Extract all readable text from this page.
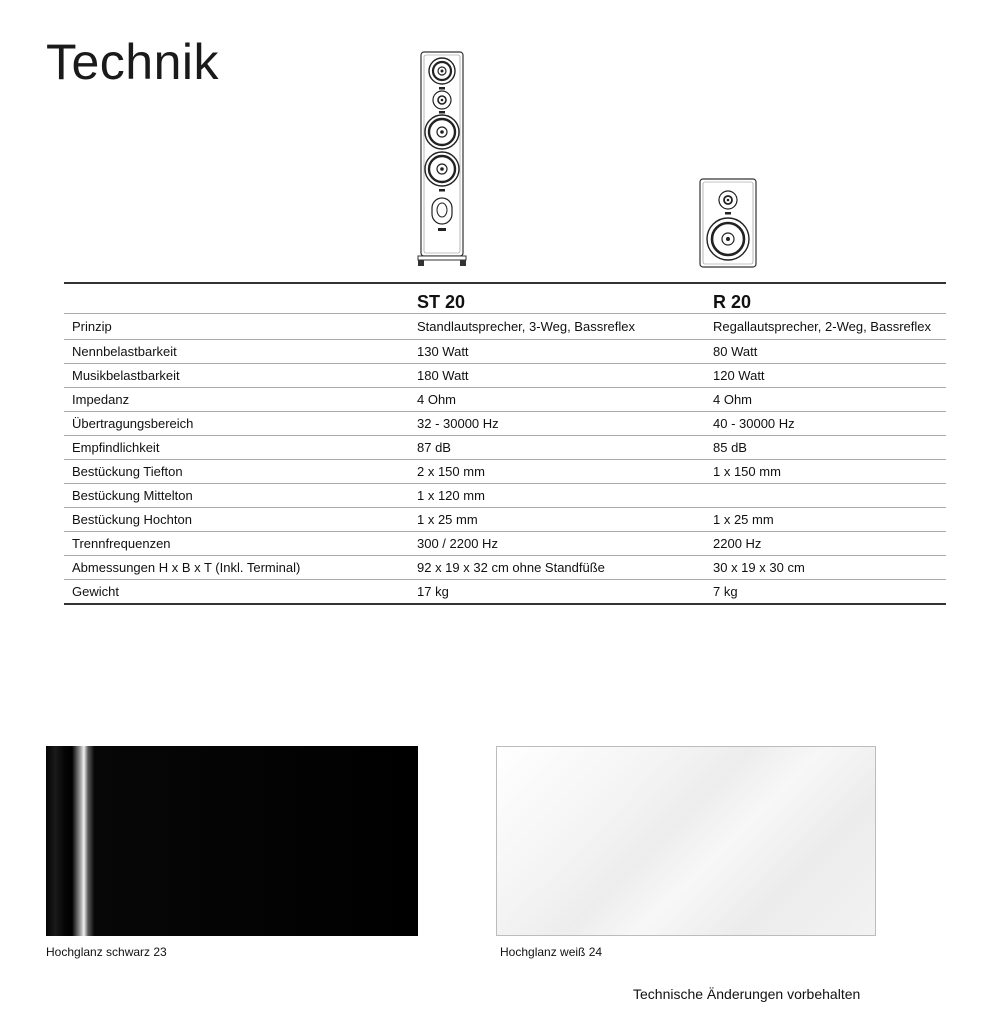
Technik
	ST 20	R 20
Prinzip	Standlautsprecher, 3-Weg, Bassreflex	Regallautsprecher, 2-Weg, Bassreflex
Nennbelastbarkeit	130 Watt	80 Watt
Musikbelastbarkeit	180 Watt	120 Watt
Impedanz	4 Ohm	4 Ohm
Übertragungsbereich	32 - 30000 Hz	40 - 30000 Hz
Empfindlichkeit	87 dB	85 dB
Bestückung Tiefton	2 x 150 mm	1 x 150 mm
Bestückung Mittelton	1 x 120 mm	
Bestückung Hochton	1 x 25 mm	1 x 25 mm
Trennfrequenzen	300 / 2200 Hz	2200 Hz
Abmessungen H x B x T (Inkl. Terminal)	92 x 19 x 32 cm ohne Standfüße	30 x 19 x 30 cm
Gewicht	17 kg	7 kg
Hochglanz schwarz 23	Hochglanz weiß 24
Technische Änderungen vorbehalten
